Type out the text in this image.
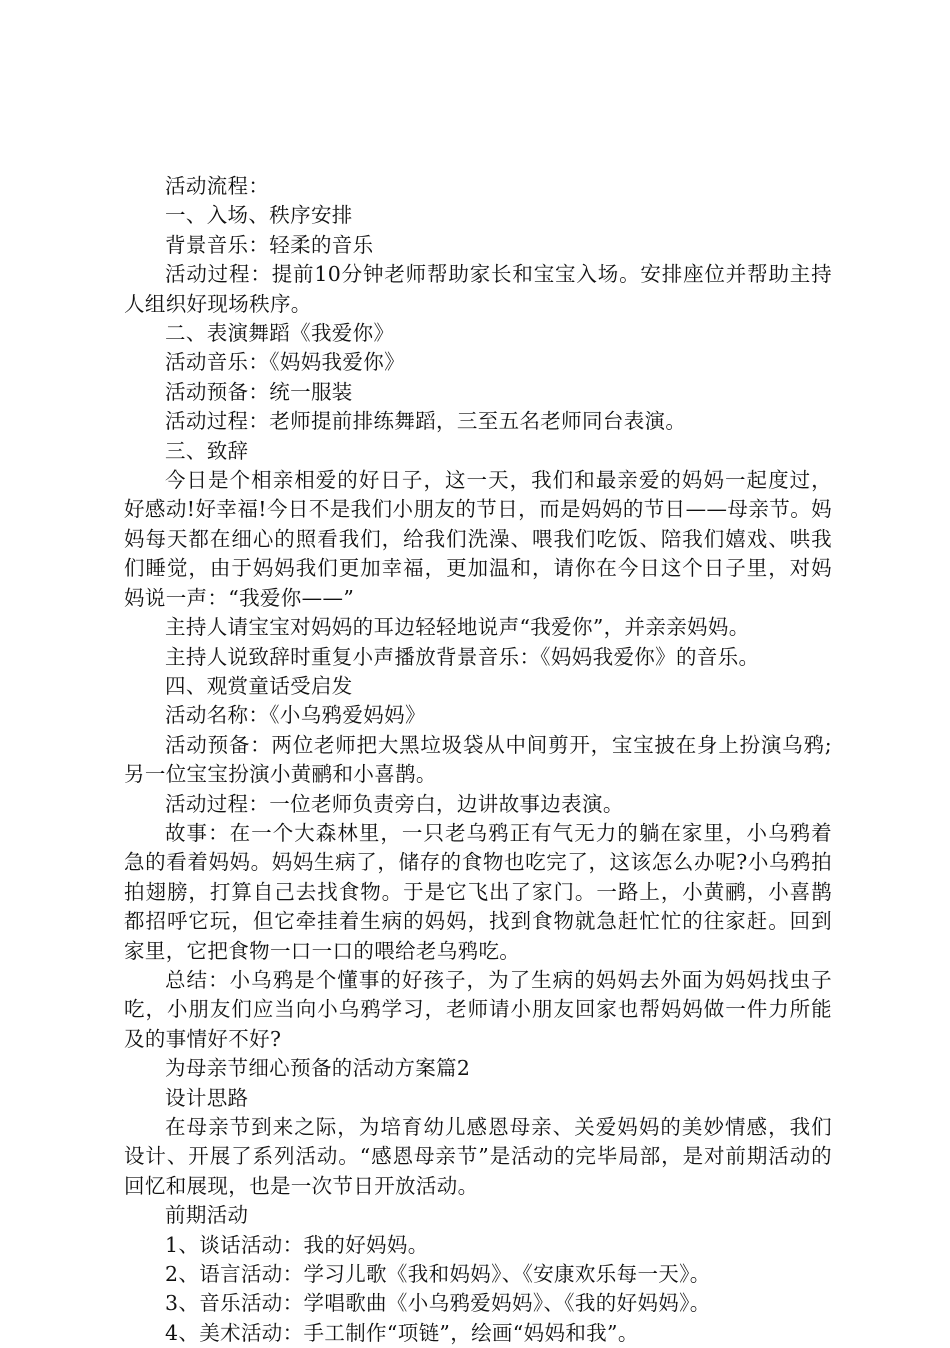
活动流程：

一、入场、秩序安排

背景音乐：轻柔的音乐

活动过程：提前10分钟老师帮助家长和宝宝入场。安排座位并帮助主持人组织好现场秩序。

二、表演舞蹈《我爱你》

活动音乐：《妈妈我爱你》

活动预备：统一服装

活动过程：老师提前排练舞蹈，三至五名老师同台表演。

三、致辞

今日是个相亲相爱的好日子，这一天，我们和最亲爱的妈妈一起度过，好感动!好幸福!今日不是我们小朋友的节日，而是妈妈的节日——母亲节。妈妈每天都在细心的照看我们，给我们洗澡、喂我们吃饭、陪我们嬉戏、哄我们睡觉，由于妈妈我们更加幸福，更加温和，请你在今日这个日子里，对妈妈说一声：“我爱你——”

主持人请宝宝对妈妈的耳边轻轻地说声“我爱你”，并亲亲妈妈。

主持人说致辞时重复小声播放背景音乐：《妈妈我爱你》的音乐。

四、观赏童话受启发

活动名称：《小乌鸦爱妈妈》

活动预备：两位老师把大黑垃圾袋从中间剪开，宝宝披在身上扮演乌鸦;另一位宝宝扮演小黄鹂和小喜鹊。

活动过程：一位老师负责旁白，边讲故事边表演。

故事：在一个大森林里，一只老乌鸦正有气无力的躺在家里，小乌鸦着急的看着妈妈。妈妈生病了，储存的食物也吃完了，这该怎么办呢?小乌鸦拍拍翅膀，打算自己去找食物。于是它飞出了家门。一路上，小黄鹂，小喜鹊都招呼它玩，但它牵挂着生病的妈妈，找到食物就急赶忙忙的往家赶。回到家里，它把食物一口一口的喂给老乌鸦吃。

总结：小乌鸦是个懂事的好孩子，为了生病的妈妈去外面为妈妈找虫子吃，小朋友们应当向小乌鸦学习，老师请小朋友回家也帮妈妈做一件力所能及的事情好不好?

为母亲节细心预备的活动方案篇2

设计思路

在母亲节到来之际，为培育幼儿感恩母亲、关爱妈妈的美妙情感，我们设计、开展了系列活动。“感恩母亲节”是活动的完毕局部，是对前期活动的回忆和展现，也是一次节日开放活动。

前期活动

1、谈话活动：我的好妈妈。

2、语言活动：学习儿歌《我和妈妈》、《安康欢乐每一天》。

3、音乐活动：学唱歌曲《小乌鸦爱妈妈》、《我的好妈妈》。

4、美术活动：手工制作“项链”，绘画“妈妈和我”。
